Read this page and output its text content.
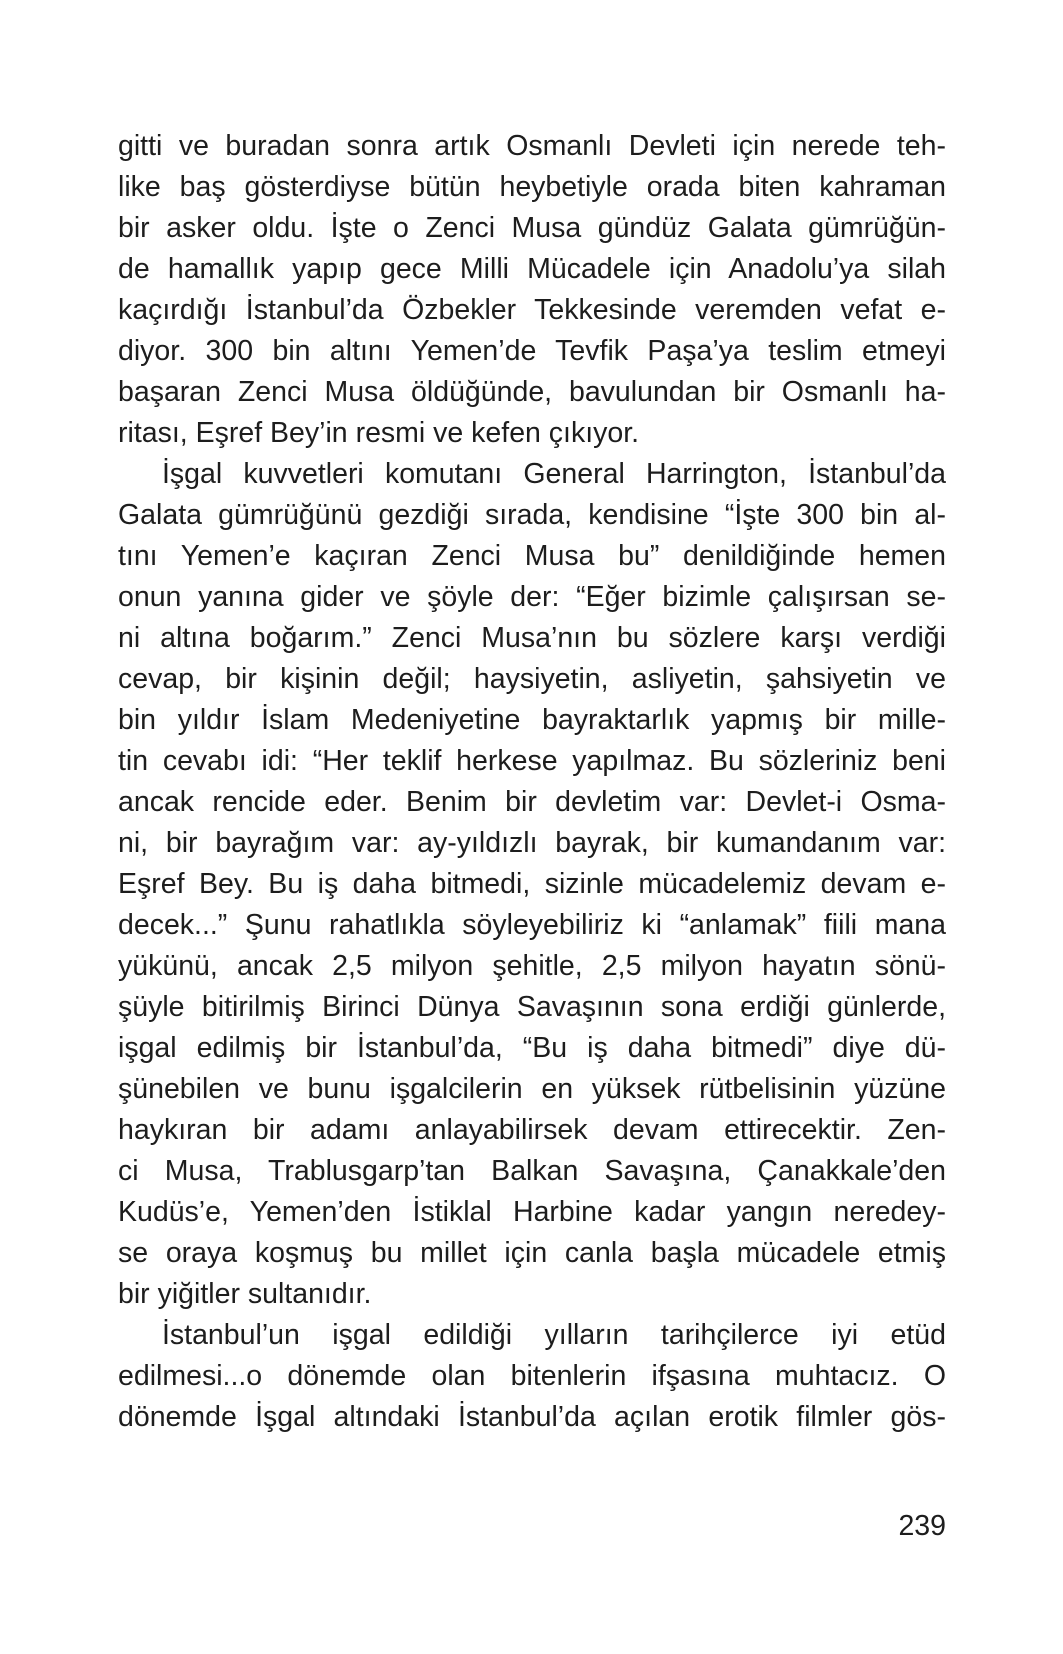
gitti ve buradan sonra artık Osmanlı Devleti için nerede teh-
like baş gösterdiyse bütün heybetiyle orada biten kahraman
bir asker oldu. İşte o Zenci Musa gündüz Galata gümrüğün-
de hamallık yapıp gece Milli Mücadele için Anadolu’ya silah
kaçırdığı İstanbul’da Özbekler Tekkesinde veremden vefat e-
diyor. 300 bin altını Yemen’de Tevfik Paşa’ya teslim etmeyi
başaran Zenci Musa öldüğünde, bavulundan bir Osmanlı ha-
ritası, Eşref Bey’in resmi ve kefen çıkıyor.
İşgal kuvvetleri komutanı General Harrington, İstanbul’da
Galata gümrüğünü gezdiği sırada, kendisine “İşte 300 bin al-
tını Yemen’e kaçıran Zenci Musa bu” denildiğinde hemen
onun yanına gider ve şöyle der: “Eğer bizimle çalışırsan se-
ni altına boğarım.” Zenci Musa’nın bu sözlere karşı verdiği
cevap, bir kişinin değil; haysiyetin, asliyetin, şahsiyetin ve
bin yıldır İslam Medeniyetine bayraktarlık yapmış bir mille-
tin cevabı idi: “Her teklif herkese yapılmaz. Bu sözleriniz beni
ancak rencide eder. Benim bir devletim var: Devlet-i Osma-
ni, bir bayrağım var: ay-yıldızlı bayrak, bir kumandanım var:
Eşref Bey. Bu iş daha bitmedi, sizinle mücadelemiz devam e-
decek...” Şunu rahatlıkla söyleyebiliriz ki “anlamak” fiili mana
yükünü, ancak 2,5 milyon şehitle, 2,5 milyon hayatın sönü-
şüyle bitirilmiş Birinci Dünya Savaşının sona erdiği günlerde,
işgal edilmiş bir İstanbul’da, “Bu iş daha bitmedi” diye dü-
şünebilen ve bunu işgalcilerin en yüksek rütbelisinin yüzüne
haykıran bir adamı anlayabilirsek devam ettirecektir. Zen-
ci Musa, Trablusgarp’tan Balkan Savaşına, Çanakkale’den
Kudüs’e, Yemen’den İstiklal Harbine kadar yangın neredey-
se oraya koşmuş bu millet için canla başla mücadele etmiş
bir yiğitler sultanıdır.
İstanbul’un işgal edildiği yılların tarihçilerce iyi etüd
edilmesi...o dönemde olan bitenlerin ifşasına muhtacız. O
dönemde İşgal altındaki İstanbul’da açılan erotik filmler gös-
239
